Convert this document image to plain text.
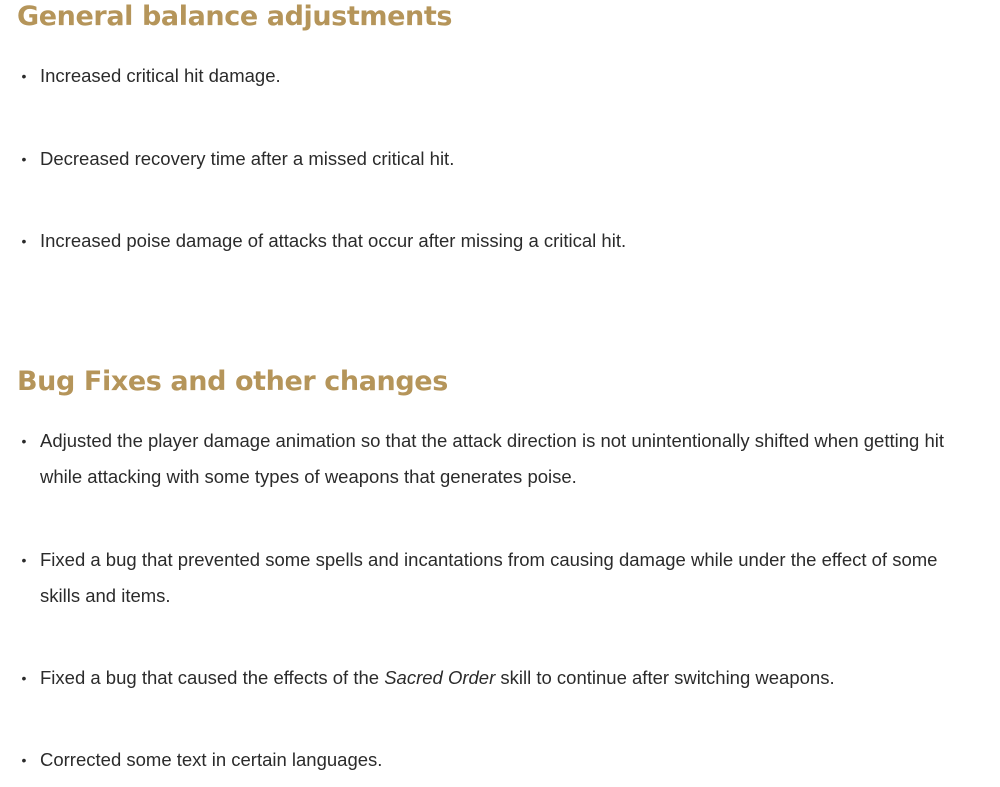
General balance adjustments
• Increased critical hit damage.
• Decreased recovery time after a missed critical hit.
• Increased poise damage of attacks that occur after missing a critical hit.
Bug Fixes and other changes
• Adjusted the player damage animation so that the attack direction is not unintentionally shifted when getting hit while attacking with some types of weapons that generates poise.
• Fixed a bug that prevented some spells and incantations from causing damage while under the effect of some skills and items.
• Fixed a bug that caused the effects of the Sacred Order skill to continue after switching weapons.
• Corrected some text in certain languages.
